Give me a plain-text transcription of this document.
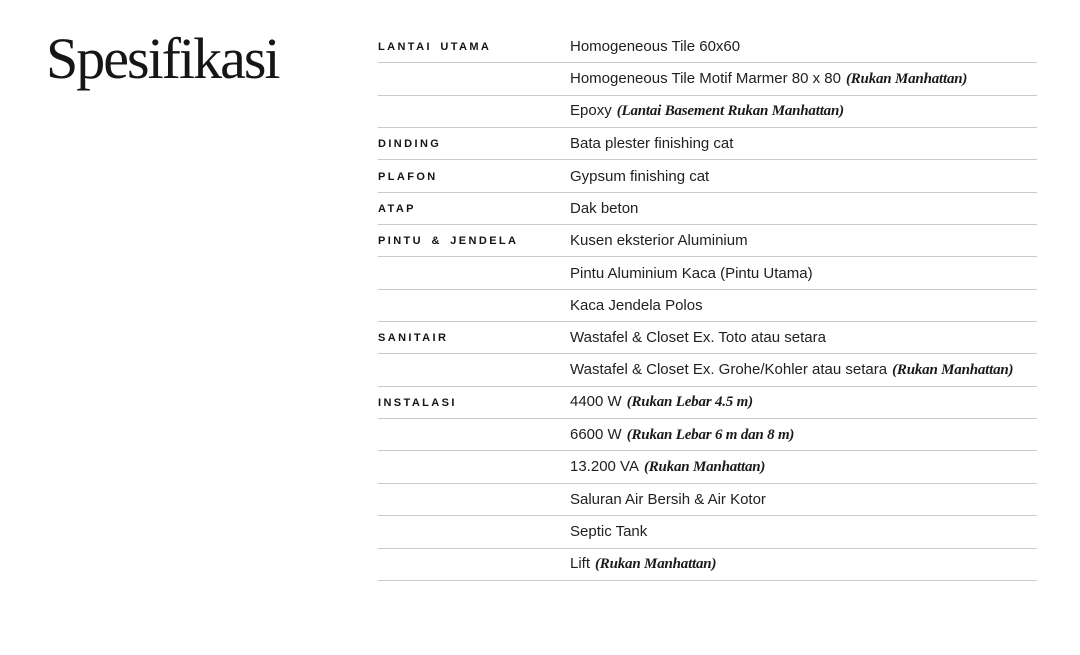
Spesifikasi	LANTAI UTAMA	Homogeneous Tile 60x60
Homogeneous Tile Motif Marmer 80 x 80 (Rukan Manhattan)
Epoxy (Lantai Basement Rukan Manhattan)
DINDING	Bata plester finishing cat
PLAFON	Gypsum finishing cat
ATAP	Dak beton
PINTU & JENDELA	Kusen eksterior Aluminium
Pintu Aluminium Kaca (Pintu Utama)
Kaca Jendela Polos
SANITAIR	Wastafel & Closet Ex. Toto atau setara
Wastafel & Closet Ex. Grohe/Kohler atau setara (Rukan Manhattan)
INSTALASI	4400 W (Rukan Lebar 4.5 m)
6600 W (Rukan Lebar 6 m dan 8 m)
13.200 VA (Rukan Manhattan)
Saluran Air Bersih & Air Kotor
Septic Tank
Lift (Rukan Manhattan)
